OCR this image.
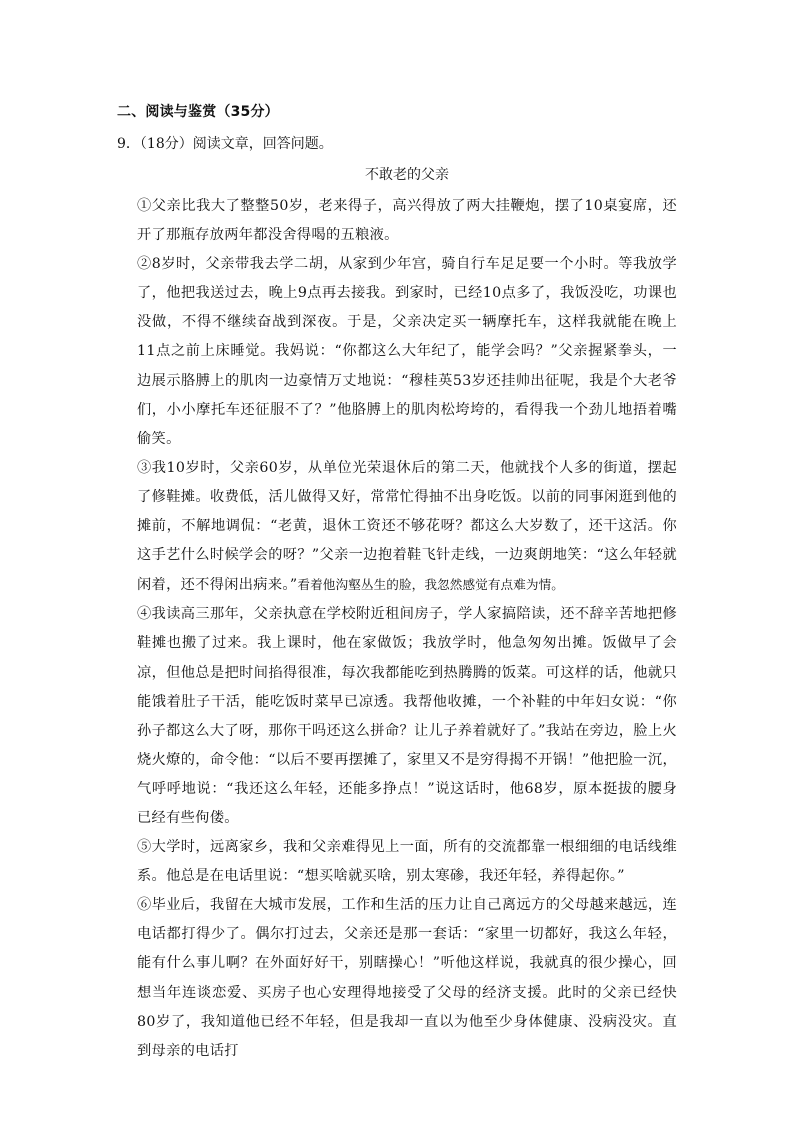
二、阅读与鉴赏（35分）
9．（18分）阅读文章，回答问题。
不敢老的父亲

①父亲比我大了整整50岁，老来得子，高兴得放了两大挂鞭炮，摆了10桌宴席，还开了那瓶存放两年都没舍得喝的五粮液。

②8岁时，父亲带我去学二胡，从家到少年宫，骑自行车足足要一个小时。等我放学了，他把我送过去，晚上9点再去接我。到家时，已经10点多了，我饭没吃，功课也没做，不得不继续奋战到深夜。于是，父亲决定买一辆摩托车，这样我就能在晚上11点之前上床睡觉。我妈说：“你都这么大年纪了，能学会吗？”父亲握紧拳头，一边展示胳膊上的肌肉一边豪情万丈地说：“穆桂英53岁还挂帅出征呢，我是个大老爷们，小小摩托车还征服不了？”他胳膊上的肌肉松垮垮的，看得我一个劲儿地捂着嘴偷笑。

③我10岁时，父亲60岁，从单位光荣退休后的第二天，他就找个人多的街道，摆起了修鞋摊。收费低，活儿做得又好，常常忙得抽不出身吃饭。以前的同事闲逛到他的摊前，不解地调侃：“老黄，退休工资还不够花呀？都这么大岁数了，还干这活。你这手艺什么时候学会的呀？”父亲一边抱着鞋飞针走线，一边爽朗地笑：“这么年轻就闲着，还不得闲出病来。”看着他沟壑丛生的脸，我忽然感觉有点难为情。

④我读高三那年，父亲执意在学校附近租间房子，学人家搞陪读，还不辞辛苦地把修鞋摊也搬了过来。我上课时，他在家做饭；我放学时，他急匆匆出摊。饭做早了会凉，但他总是把时间掐得很准，每次我都能吃到热腾腾的饭菜。可这样的话，他就只能饿着肚子干活，能吃饭时菜早已凉透。我帮他收摊，一个补鞋的中年妇女说：“你孙子都这么大了呀，那你干吗还这么拼命？让儿子养着就好了。”我站在旁边，脸上火烧火燎的，命令他：“以后不要再摆摊了，家里又不是穷得揭不开锅！”他把脸一沉，气呼呼地说：“我还这么年轻，还能多挣点！”说这话时，他68岁，原本挺拔的腰身已经有些佝偻。

⑤大学时，远离家乡，我和父亲难得见上一面，所有的交流都靠一根细细的电话线维系。他总是在电话里说：“想买啥就买啥，别太寒碜，我还年轻，养得起你。”

⑥毕业后，我留在大城市发展，工作和生活的压力让自己离远方的父母越来越远，连电话都打得少了。偶尔打过去，父亲还是那一套话：“家里一切都好，我这么年轻，能有什么事儿啊？在外面好好干，别瞎操心！”听他这样说，我就真的很少操心，回想当年连谈恋爱、买房子也心安理得地接受了父母的经济支援。此时的父亲已经快80岁了，我知道他已经不年轻，但是我却一直以为他至少身体健康、没病没灾。直到母亲的电话打
